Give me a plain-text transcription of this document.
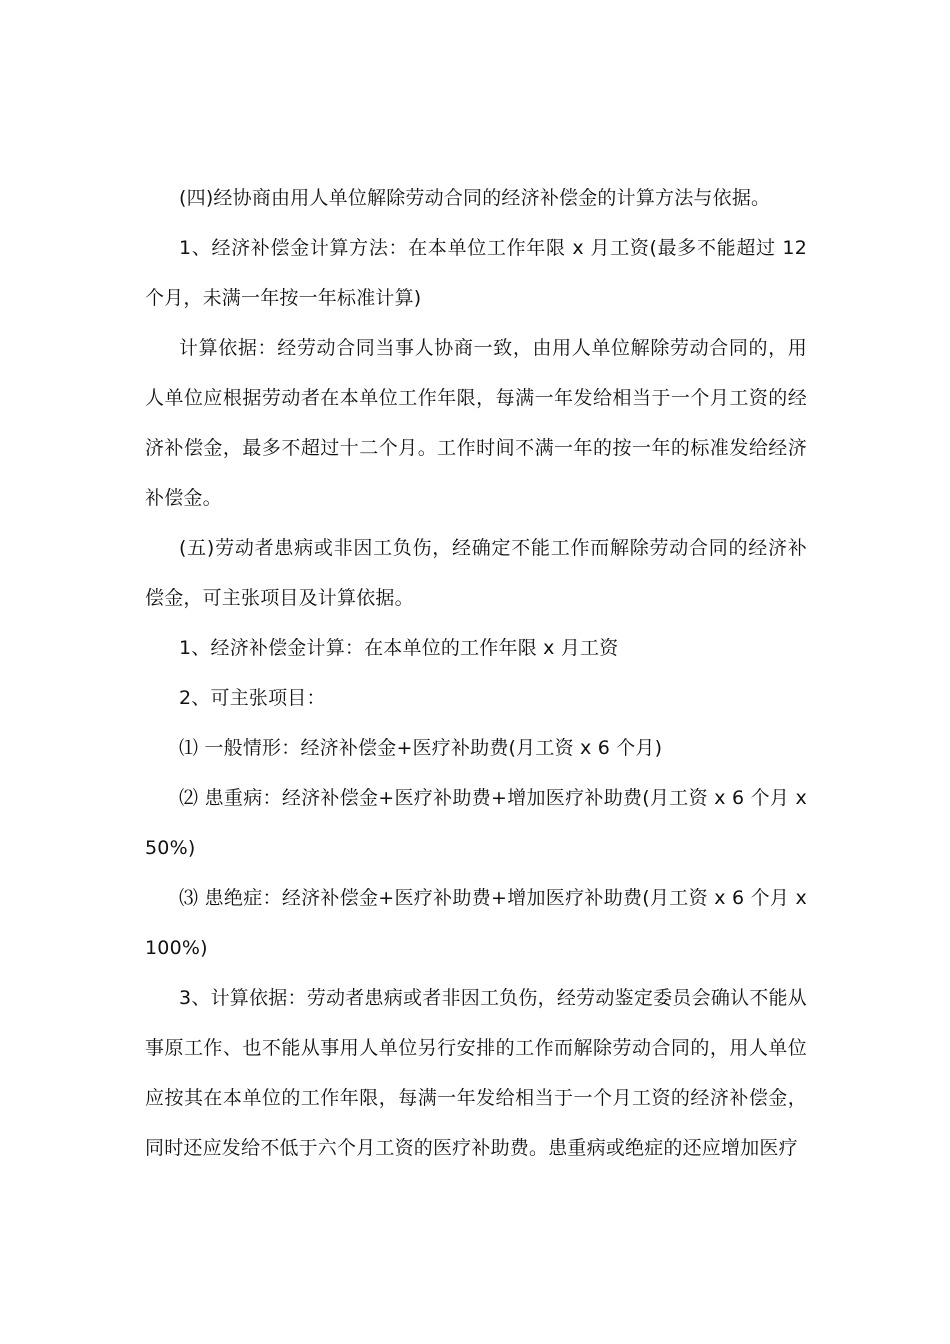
(四)经协商由用人单位解除劳动合同的经济补偿金的计算方法与依据。

1、经济补偿金计算方法：在本单位工作年限 x 月工资(最多不能超过 12 个月，未满一年按一年标准计算)

计算依据：经劳动合同当事人协商一致，由用人单位解除劳动合同的，用人单位应根据劳动者在本单位工作年限，每满一年发给相当于一个月工资的经济补偿金，最多不超过十二个月。工作时间不满一年的按一年的标准发给经济补偿金。

(五)劳动者患病或非因工负伤，经确定不能工作而解除劳动合同的经济补偿金，可主张项目及计算依据。

1、经济补偿金计算：在本单位的工作年限 x 月工资

2、可主张项目：

⑴ 一般情形：经济补偿金+医疗补助费(月工资 x 6 个月)

⑵ 患重病：经济补偿金+医疗补助费+增加医疗补助费(月工资 x 6 个月 x 50%)

⑶ 患绝症：经济补偿金+医疗补助费+增加医疗补助费(月工资 x 6 个月 x 100%)

3、计算依据：劳动者患病或者非因工负伤，经劳动鉴定委员会确认不能从事原工作、也不能从事用人单位另行安排的工作而解除劳动合同的，用人单位应按其在本单位的工作年限，每满一年发给相当于一个月工资的经济补偿金，同时还应发给不低于六个月工资的医疗补助费。患重病或绝症的还应增加医疗
